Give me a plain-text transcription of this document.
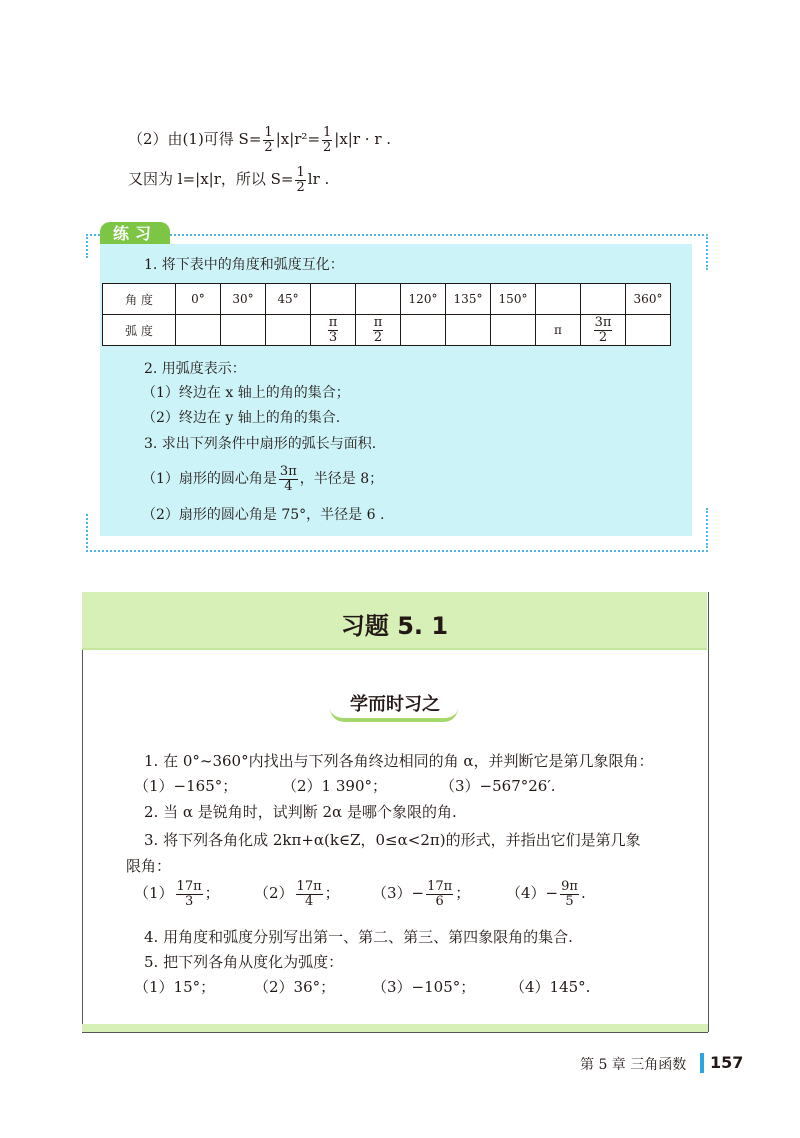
（2）由(1)可得 $S= \frac{1}{2} |x|r^2= \frac{1}{2} |x|r \cdot r$ .
又因为 l=|x|r，所以 $S= \frac{1}{2}$ lr .
练习
1. 将下表中的角度和弧度互化：
角 度	0°	30°	45°			120°	135°	150°			360°
弧 度				$\frac{\pi}{3}$	$\frac{\pi}{2}$				π	$\frac{3\pi}{2}$

2. 用弧度表示：
（1）终边在 x 轴上的角的集合；
（2）终边在 y 轴上的角的集合.
3. 求出下列条件中扇形的弧长与面积.
（1）扇形的圆心角是 $\frac{3\pi}{4}$ ，半径是 8；
（2）扇形的圆心角是 75°，半径是 6 .
习题 5. 1
学而时习之
1. 在 0°~360°内找出与下列各角终边相同的角 α，并判断它是第几象限角：
（1）−165°；	（2）1 390°；	（3）−567°26′.
2. 当 α 是锐角时，试判断 2α 是哪个象限的角.
3. 将下列各角化成 2kπ+α(k∈Z，0≤α<2π)的形式，并指出它们是第几象
限角：
$(1) \frac{17\pi}{3}$ ； $(2) \frac{17\pi}{4}$ ； $(3)- \frac{17\pi}{6}$ ； $(4)- \frac{9\pi}{5}$ .
4. 用角度和弧度分别写出第一、第二、第三、第四象限角的集合.
5. 把下列各角从度化为弧度：
（1）15°；	（2）36°； （3）−105°； （4）145°.
第 5 章 三角函数 157
